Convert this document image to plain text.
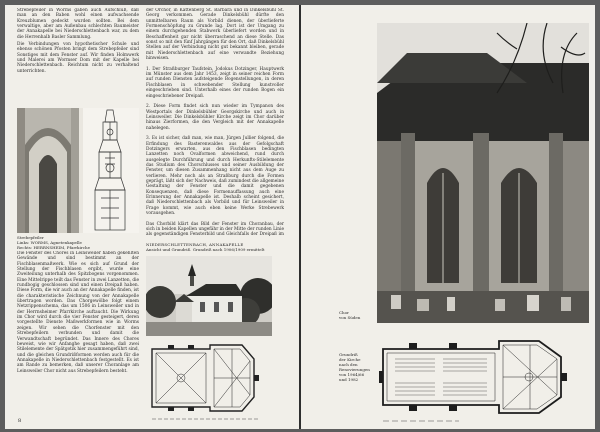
Strebepfeiler in Worms gaben auch Aufschluß, daß man an den Baben wohl einen aufwachsende Kreuzblumen gedeckt wurden sollten. Bei dem verwaltige, aber am Außenbau schlechten Baumeister der Annakapelle bei Niederschlettenbach war, zu dem die Herrenhalb Basler Sammlung.

Die Verbindungen von hypothetischer Schule und ebenso schönen Pfosten bringt dem Strebepfeiler sind Sonstiges mit dem Fenster auf. Wir finden Holmwerk und Malerei am Wormser Dom mit der Kapelle bei Niederschlettenbach. Reichtum nicht zu verhaltend unterrichten.

Strebepfeiler
Links: WORMS, Agnetenkapelle
Rechts: HERRNSHEIM, Pfarrkirche

der Orchor, in Kattenberg St. Barbara und in Dinkelsbühl St. Georg verkommen. Gerade Dinkelsbühl dürfte den unmittelbaren Raum als Vorbild dienen, der überlieferte Formenschöpfung zu Grunde lag. Dort ist der Umgang zu einem durchgehenden Stabwerk überliefert worden und in Beschaffenheit gar nicht überraschend an diese Stelle. Das sonst so mit den fünf Jahrgängen für den Ort, daß Dinkelsbühl Stellen auf der Verbindung nicht gut bekannt bleiben, gerade mit Niederschlettenbach auf eine verwandte Beziehung hinweisen.

1. Der Straßburger Taufstein, Jodokus Dotzinger, Hauptwerk im Münster aus dem Jahr 1453, zeigt in seiner reichen Form auf runden Diensten aufsteigende Bogenstellungen, in deren Fischblasen in schwebender Stellung kunstvoller eingeschrieben sind. Unterhalb eines der runden Bogen ein eingeschriebener Dreipaß.

2. Diese Form findet sich nun wieder im Tympanon des Westportals der Dinkelsbühler Georgskirche und auch in Leinsweiler. Die Dinkelsbühler Kirche zeigt im Chor darüber hinaus Zierformen, die den Vergleich mit der Annakapelle nahelegen.

3. Es ist sicher, daß man, wie man, Jürgen Jullier folgend, die Erfindung des Basterenwaldes aus der Gefolgschaft Dotzingers erwarten, aus den Fischblasen bedingten Lanzetten noch Ovalformen abweichend, rund durch ausgelegte Durchführung und durch Herkunfts-Stilelemente das Studium des Chorschlusses und seiner Ausbildung der Fenster, um diesen Zusammenhang nicht aus dem Auge zu verlieren. Mehr noch als an Straßburg durch die Formen geprägt, läßt sich der Nachweis, daß zumindest die allgemeine Gestaltung der Fenster und die damit gegebenen Konsequenzen, daß diese Formenauffassung auch eine Erinnerung der Annakapelle ist. Deshalb scheint gesichert, daß Niederschlettenbach als Vorbild und für Leinsweiler in Frage kommt, wie auch eben keine Werke Strebewerk vorausgehen.

Das Chorbild klärt das Bild der Fenster im Choranbau, der sich in beiden Kapellen ungefähr in der Mitte der runden Linie als gegenständigen Fensterbild und Gleichfalls der Dreipaß im

NIEDERSCHLETTENBACH, ANNAKAPELLE
Ansicht und Grundriß. Grundriß nach 1906/1909 ermittelt

Die Fenster des Chores in Leinsweiler haben gekehlten Gewände und sind bestimmt an der Fischblasenmaßwerk. Wie es sich auf Grund der Stellung der Fischblasen ergibt, wurde eine Zweiteilung unterhalb des Spitzbogens vorgenommen. Eine Mittelrippe teilt das Fenster in zwei Lanzetten, die rundbogig geschlossen sind und einen Dreipaß haben. Diese Form, die wir auch an der Annakapelle finden, ist die charakteristische Zeichnung von der Annakapelle übertragen worden. Das Chorgewölbe folgt einem Netzrippenschema, das um 1506 in Leinsweiler und in der Herrnsheimer Pfarrkirche auftaucht. Die Wirkung im Chor wird durch die vier Fenster gesteigert, deren vorgestellte Dienste Maßwerkformen wie in Worms zeigen. Wir sehen die Chorfenster mit den Strebepfeilern verbunden und damit die Verwandtschaft begründet. Das Innere des Chores beweist, wie wir Anfanghe gesagt haben, daß zwei Stilelemente der Spätgotik hier zusammengeführt sind, und die gleichen Grundrißformen werden auch für die Annakapelle in Niederschlettenbach festgestellt. Es ist am Rande zu bemerken, daß unserer Choranlage am Leinsweiler Chor nicht aus Strebepfeilern besteht.

8
Chor
von Süden
Grundriß
der Kirche
nach den
Renovierungen
von 1964/66
und 1982
